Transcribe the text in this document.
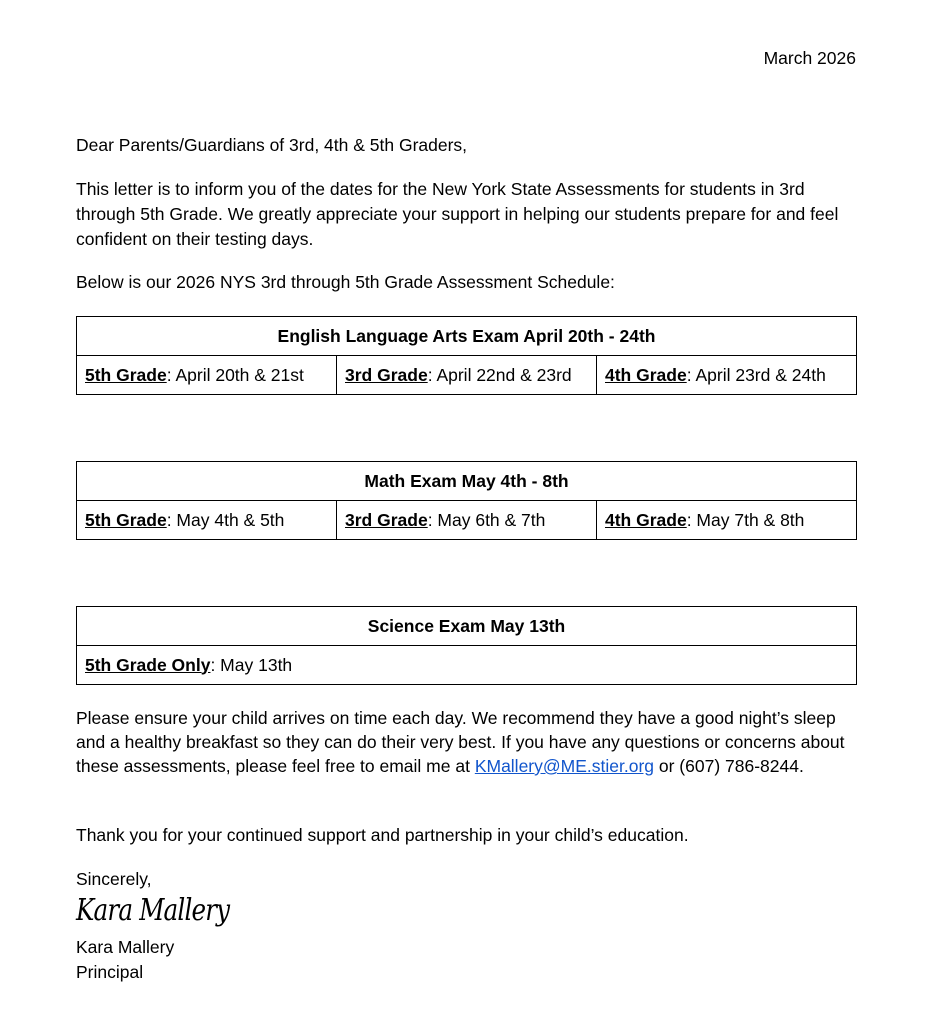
March 2026

Dear Parents/Guardians of 3rd, 4th & 5th Graders,

This letter is to inform you of the dates for the New York State Assessments for students in 3rd through 5th Grade. We greatly appreciate your support in helping our students prepare for and feel confident on their testing days.

Below is our 2026 NYS 3rd through 5th Grade Assessment Schedule:

English Language Arts Exam April 20th - 24th
5th Grade: April 20th & 21st	3rd Grade: April 22nd & 23rd	4th Grade: April 23rd & 24th
Math Exam May 4th - 8th
5th Grade: May 4th & 5th	3rd Grade: May 6th & 7th	4th Grade: May 7th & 8th
Science Exam May 13th
5th Grade Only: May 13th

Please ensure your child arrives on time each day. We recommend they have a good night’s sleep and a healthy breakfast so they can do their very best. If you have any questions or concerns about these assessments, please feel free to email me at KMallery@ME.stier.org or (607) 786-8244.

Thank you for your continued support and partnership in your child’s education.

Sincerely,

Kara Mallery

Kara Mallery

Principal
